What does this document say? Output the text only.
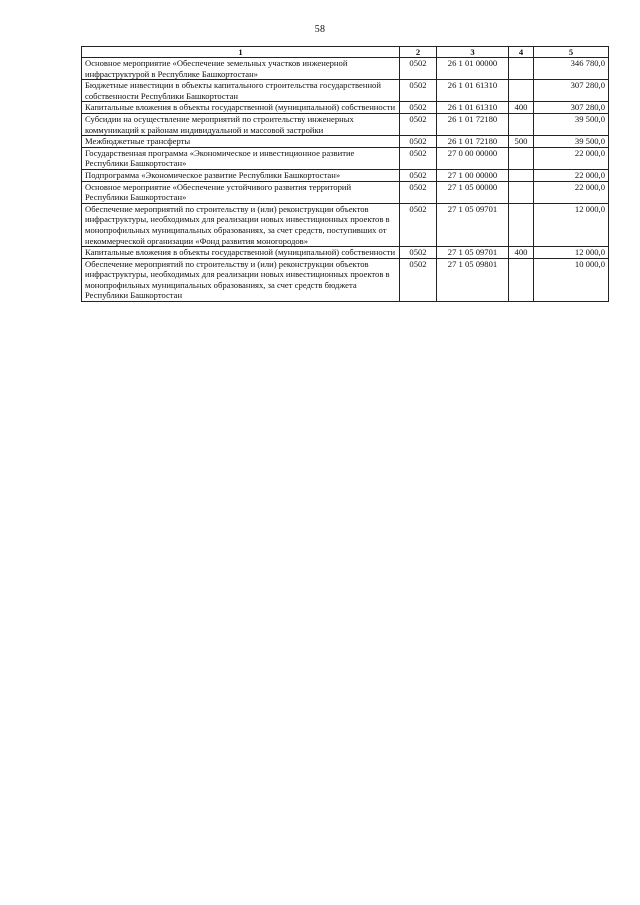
58
1	2	3	4	5
Основное мероприятие «Обеспечение земельных участков инженерной инфраструктурой в Республике Башкортостан»	0502	26 1 01 00000		346 780,0
Бюджетные инвестиции в объекты капитального строительства государственной собственности Республики Башкортостан	0502	26 1 01 61310		307 280,0
Капитальные вложения в объекты государственной (муниципальной) собственности	0502	26 1 01 61310	400	307 280,0
Субсидии на осуществление мероприятий по строительству инженерных коммуникаций к районам индивидуальной и массовой застройки	0502	26 1 01 72180		39 500,0
Межбюджетные трансферты	0502	26 1 01 72180	500	39 500,0
Государственная программа «Экономическое и инвестиционное развитие Республики Башкортостан»	0502	27 0 00 00000		22 000,0
Подпрограмма «Экономическое развитие Республики Башкортостан»	0502	27 1 00 00000		22 000,0
Основное мероприятие «Обеспечение устойчивого развития территорий Республики Башкортостан»	0502	27 1 05 00000		22 000,0
Обеспечение мероприятий по строительству и (или) реконструкции объектов инфраструктуры, необходимых для реализации новых инвестиционных проектов в монопрофильных муниципальных образованиях, за счет средств, поступивших от некоммерческой организации «Фонд развития моногородов»	0502	27 1 05 09701		12 000,0
Капитальные вложения в объекты государственной (муниципальной) собственности	0502	27 1 05 09701	400	12 000,0
Обеспечение мероприятий по строительству и (или) реконструкции объектов инфраструктуры, необходимых для реализации новых инвестиционных проектов в монопрофильных муниципальных образованиях, за счет средств бюджета Республики Башкортостан	0502	27 1 05 09801		10 000,0
